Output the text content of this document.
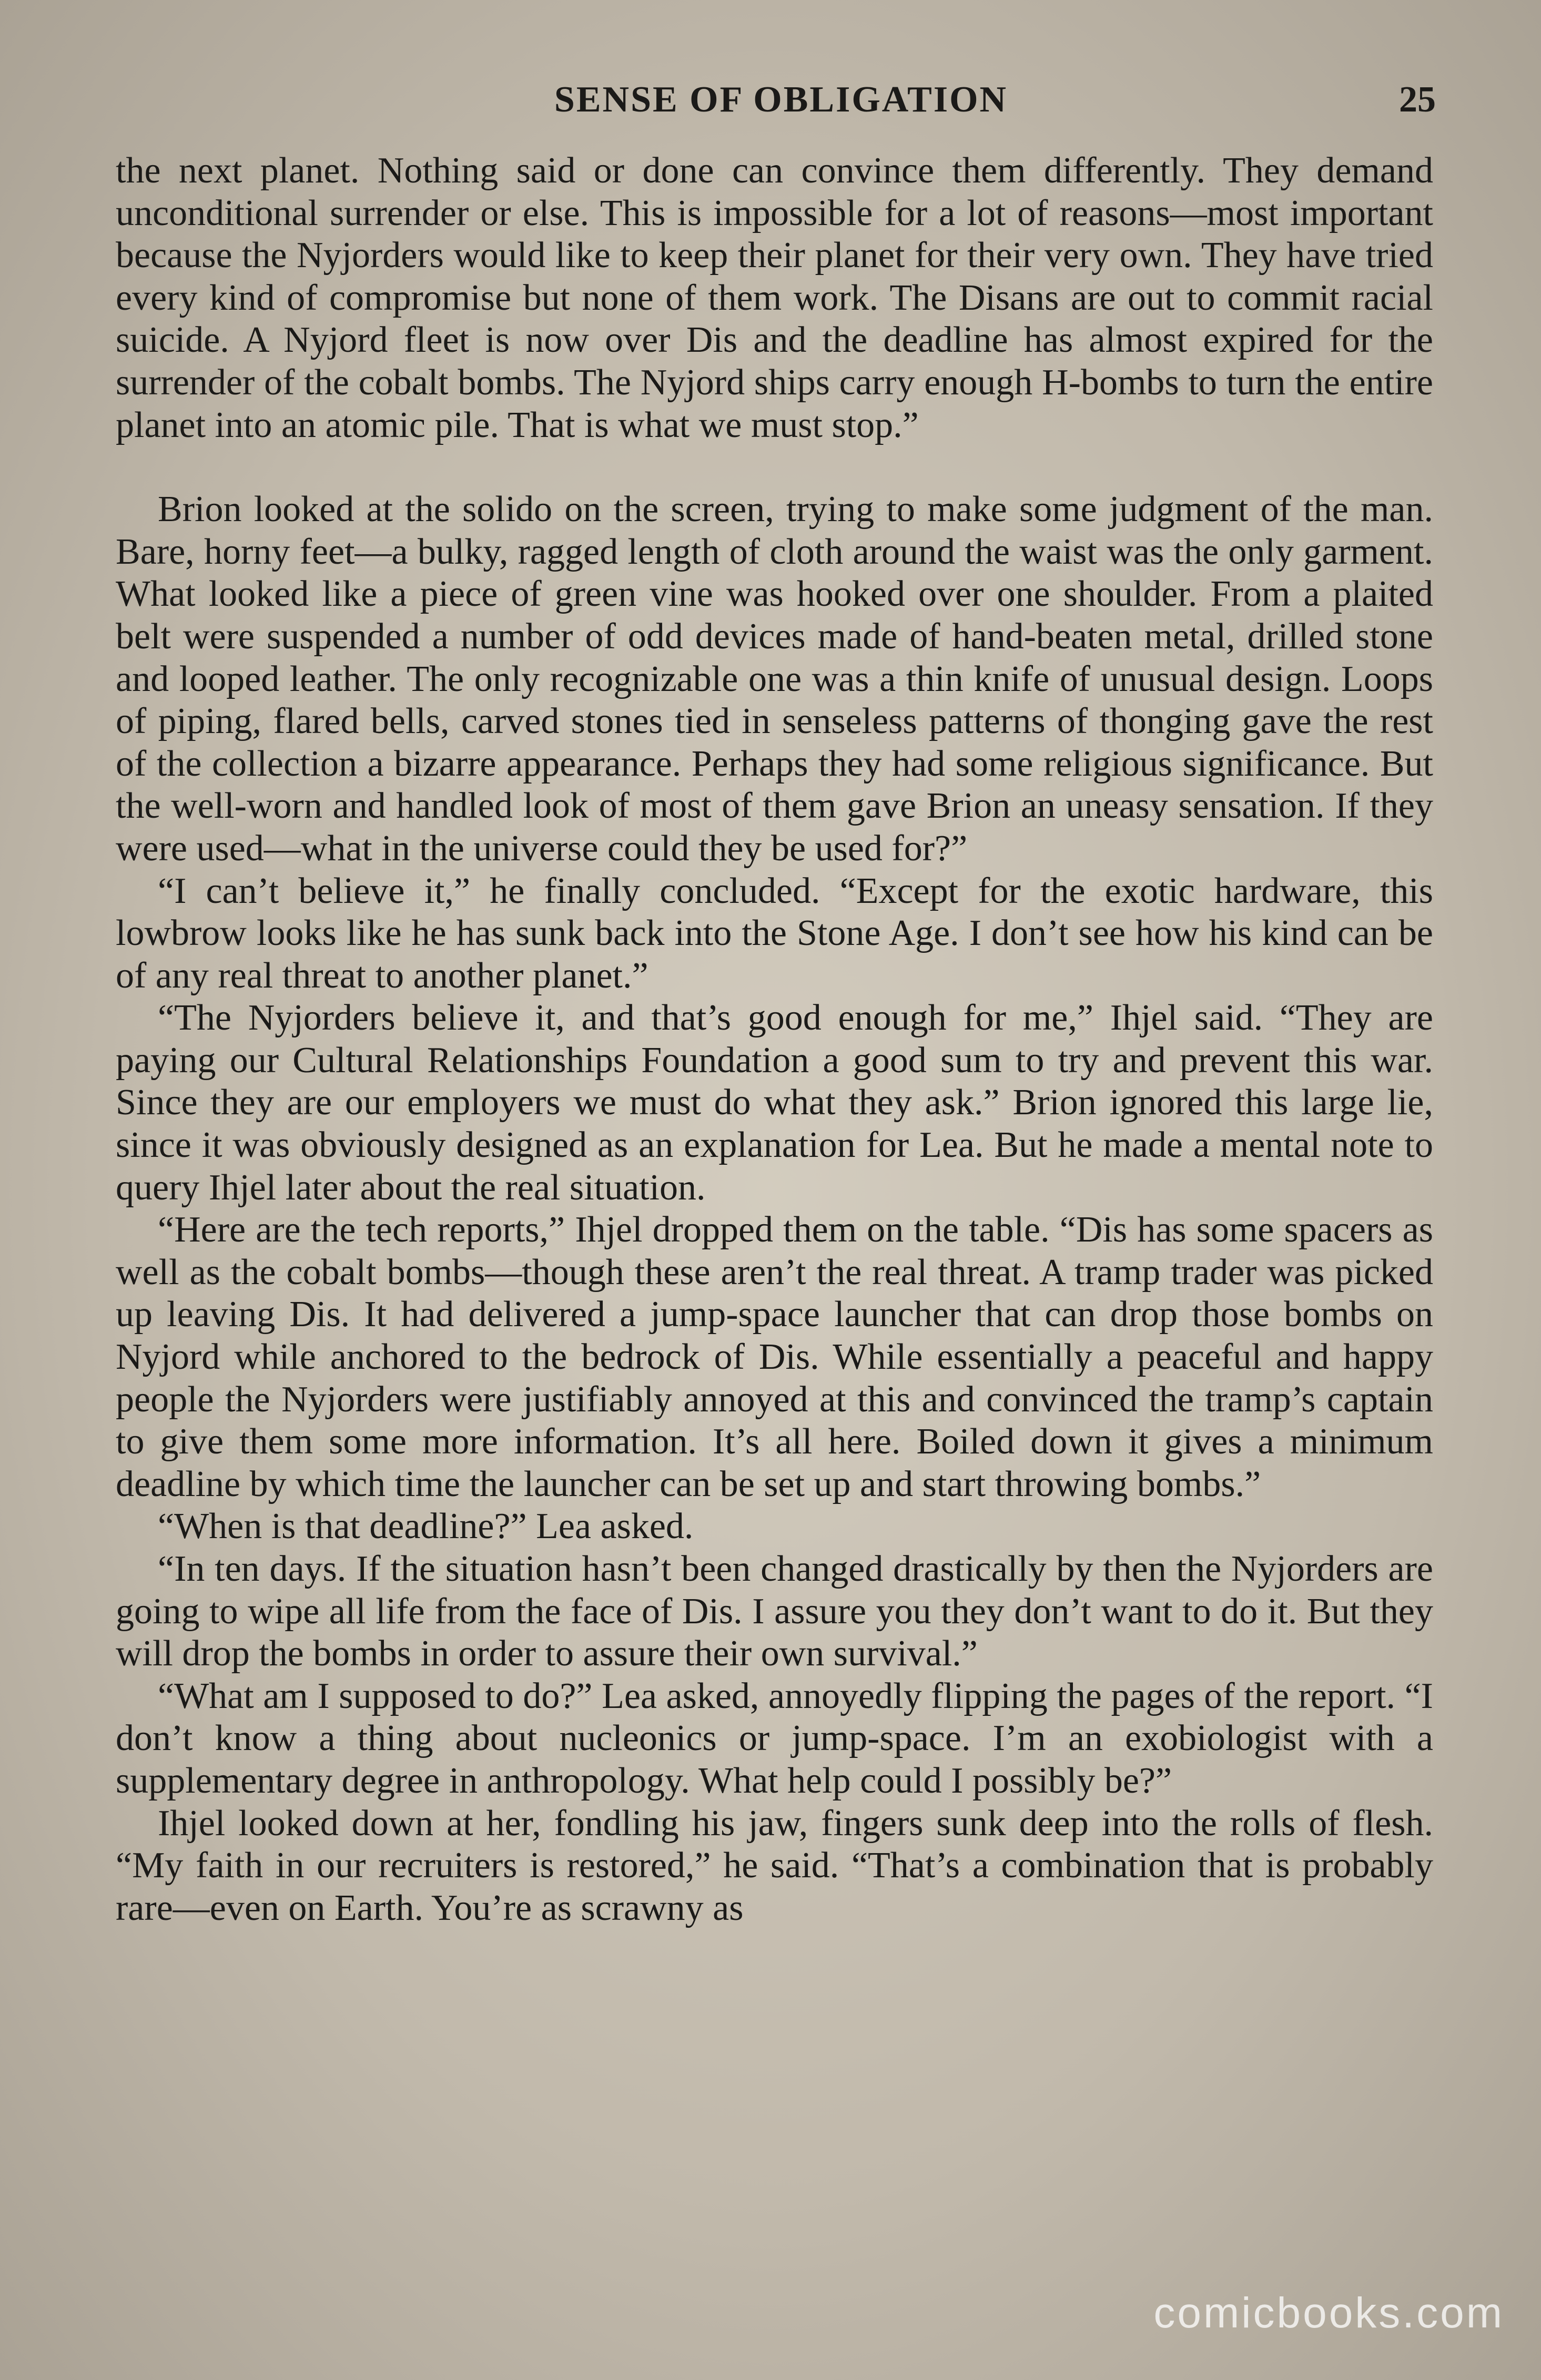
SENSE OF OBLIGATION	25

the next planet. Nothing said or done can convince them differently. They demand unconditional surrender or else. This is impossible for a lot of reasons—most important because the Nyjorders would like to keep their planet for their very own. They have tried every kind of compromise but none of them work. The Disans are out to commit racial suicide. A Nyjord fleet is now over Dis and the deadline has almost expired for the surrender of the cobalt bombs. The Nyjord ships carry enough H-bombs to turn the entire planet into an atomic pile. That is what we must stop.”

Brion looked at the solido on the screen, trying to make some judgment of the man. Bare, horny feet—a bulky, ragged length of cloth around the waist was the only garment. What looked like a piece of green vine was hooked over one shoulder. From a plaited belt were suspended a number of odd devices made of hand-beaten metal, drilled stone and looped leather. The only recognizable one was a thin knife of unusual design. Loops of piping, flared bells, carved stones tied in senseless patterns of thonging gave the rest of the collection a bizarre appearance. Perhaps they had some religious significance. But the well-worn and handled look of most of them gave Brion an uneasy sensation. If they were used—what in the universe could they be used for?”

“I can’t believe it,” he finally concluded. “Except for the exotic hardware, this lowbrow looks like he has sunk back into the Stone Age. I don’t see how his kind can be of any real threat to another planet.”

“The Nyjorders believe it, and that’s good enough for me,” Ihjel said. “They are paying our Cultural Relationships Foundation a good sum to try and prevent this war. Since they are our employers we must do what they ask.” Brion ignored this large lie, since it was obviously designed as an explanation for Lea. But he made a mental note to query Ihjel later about the real situation.

“Here are the tech reports,” Ihjel dropped them on the table. “Dis has some spacers as well as the cobalt bombs—though these aren’t the real threat. A tramp trader was picked up leaving Dis. It had delivered a jump-space launcher that can drop those bombs on Nyjord while anchored to the bedrock of Dis. While essentially a peaceful and happy people the Nyjorders were justifiably annoyed at this and convinced the tramp’s captain to give them some more information. It’s all here. Boiled down it gives a minimum deadline by which time the launcher can be set up and start throwing bombs.”

“When is that deadline?” Lea asked.

“In ten days. If the situation hasn’t been changed drastically by then the Nyjorders are going to wipe all life from the face of Dis. I assure you they don’t want to do it. But they will drop the bombs in order to assure their own survival.”

“What am I supposed to do?” Lea asked, annoyedly flipping the pages of the report. “I don’t know a thing about nucleonics or jump-space. I’m an exobiologist with a supplementary degree in anthropology. What help could I possibly be?”

Ihjel looked down at her, fondling his jaw, fingers sunk deep into the rolls of flesh. “My faith in our recruiters is restored,” he said. “That’s a combination that is probably rare—even on Earth. You’re as scrawny as

comicbooks.com
